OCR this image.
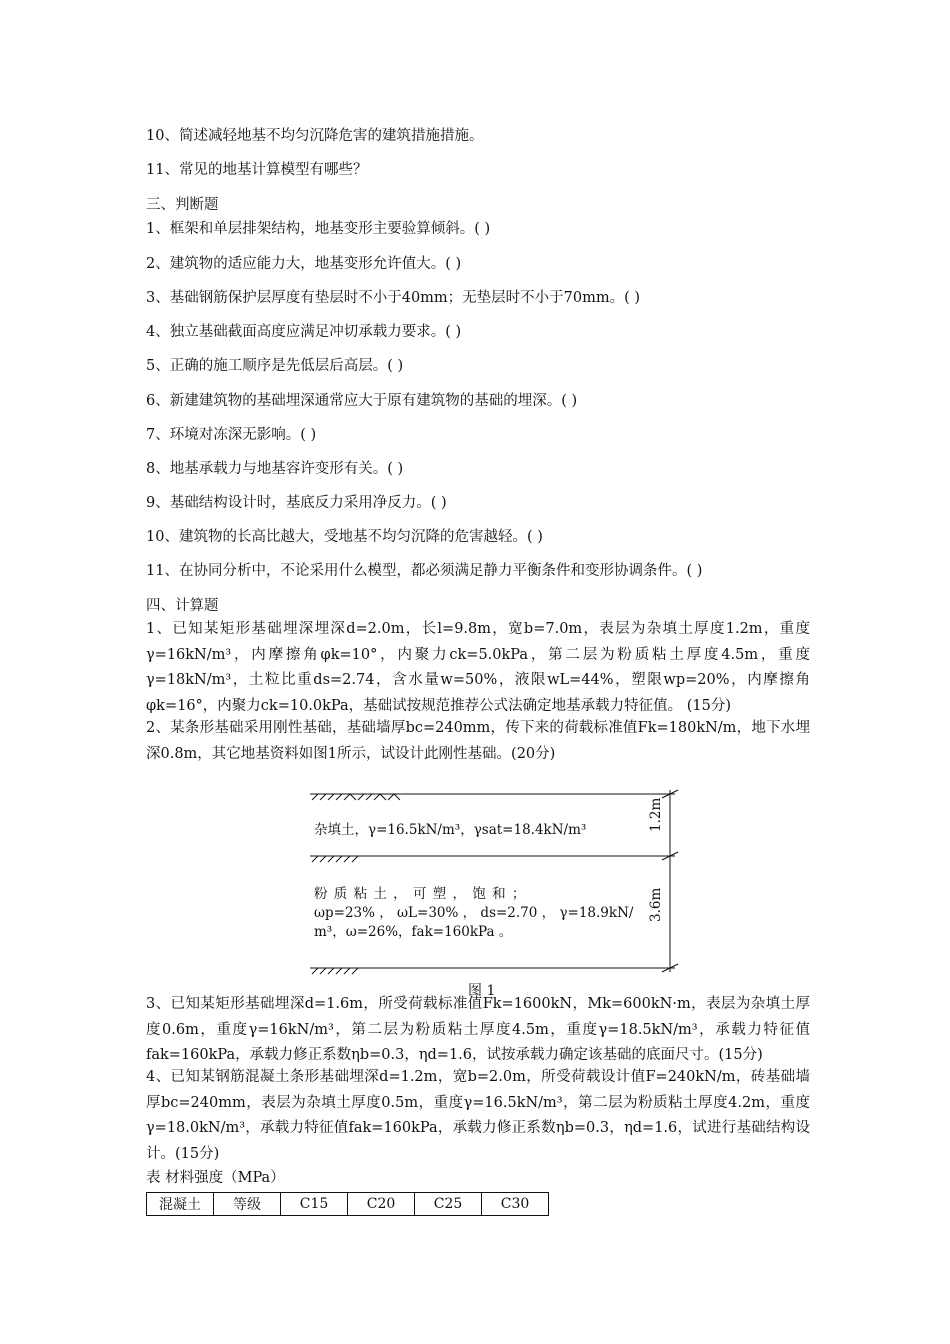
10、简述减轻地基不均匀沉降危害的建筑措施措施。
11、常见的地基计算模型有哪些？
三、判断题
1、框架和单层排架结构，地基变形主要验算倾斜。( )
2、建筑物的适应能力大，地基变形允许值大。( )
3、基础钢筋保护层厚度有垫层时不小于40mm；无垫层时不小于70mm。( )
4、独立基础截面高度应满足冲切承载力要求。( )
5、正确的施工顺序是先低层后高层。( )
6、新建建筑物的基础埋深通常应大于原有建筑物的基础的埋深。( )
7、环境对冻深无影响。( )
8、地基承载力与地基容许变形有关。( )
9、基础结构设计时，基底反力采用净反力。( )
10、建筑物的长高比越大，受地基不均匀沉降的危害越轻。( )
11、在协同分析中，不论采用什么模型，都必须满足静力平衡条件和变形协调条件。( )
四、计算题
1、已知某矩形基础埋深埋深d=2.0m，长l=9.8m，宽b=7.0m，表层为杂填土厚度1.2m，重度γ=16kN/m³，内摩擦角φk=10°，内聚力ck=5.0kPa，第二层为粉质粘土厚度4.5m，重度γ=18kN/m³，土粒比重ds=2.74，含水量w=50%，液限wL=44%，塑限wp=20%，内摩擦角φk=16°，内聚力ck=10.0kPa，基础试按规范推荐公式法确定地基承载力特征值。 (15分)
2、某条形基础采用刚性基础，基础墙厚bc=240mm，传下来的荷载标准值Fk=180kN/m，地下水埋深0.8m，其它地基资料如图1所示，试设计此刚性基础。(20分)
杂填土，γ=16.5kN/m³，γsat=18.4kN/m³	1.2m
粉 质 粘 土 ， 可 塑 ， 饱 和 ；
ωp=23% ， ωL=30% ， ds=2.70 ， γ=18.9kN/
m³，ω=26%，fak=160kPa 。
3.6m
图 1
3、已知某矩形基础埋深d=1.6m，所受荷载标准值Fk=1600kN，Mk=600kN·m，表层为杂填土厚度0.6m，重度γ=16kN/m³，第二层为粉质粘土厚度4.5m，重度γ=18.5kN/m³，承载力特征值fak=160kPa，承载力修正系数ηb=0.3，ηd=1.6，试按承载力确定该基础的底面尺寸。(15分)
4、已知某钢筋混凝土条形基础埋深d=1.2m，宽b=2.0m，所受荷载设计值F=240kN/m，砖基础墙厚bc=240mm，表层为杂填土厚度0.5m，重度γ=16.5kN/m³，第二层为粉质粘土厚度4.2m，重度γ=18.0kN/m³，承载力特征值fak=160kPa，承载力修正系数ηb=0.3，ηd=1.6，试进行基础结构设计。(15分)
表 材料强度（MPa）
混凝土	等级	C15	C20	C25	C30
